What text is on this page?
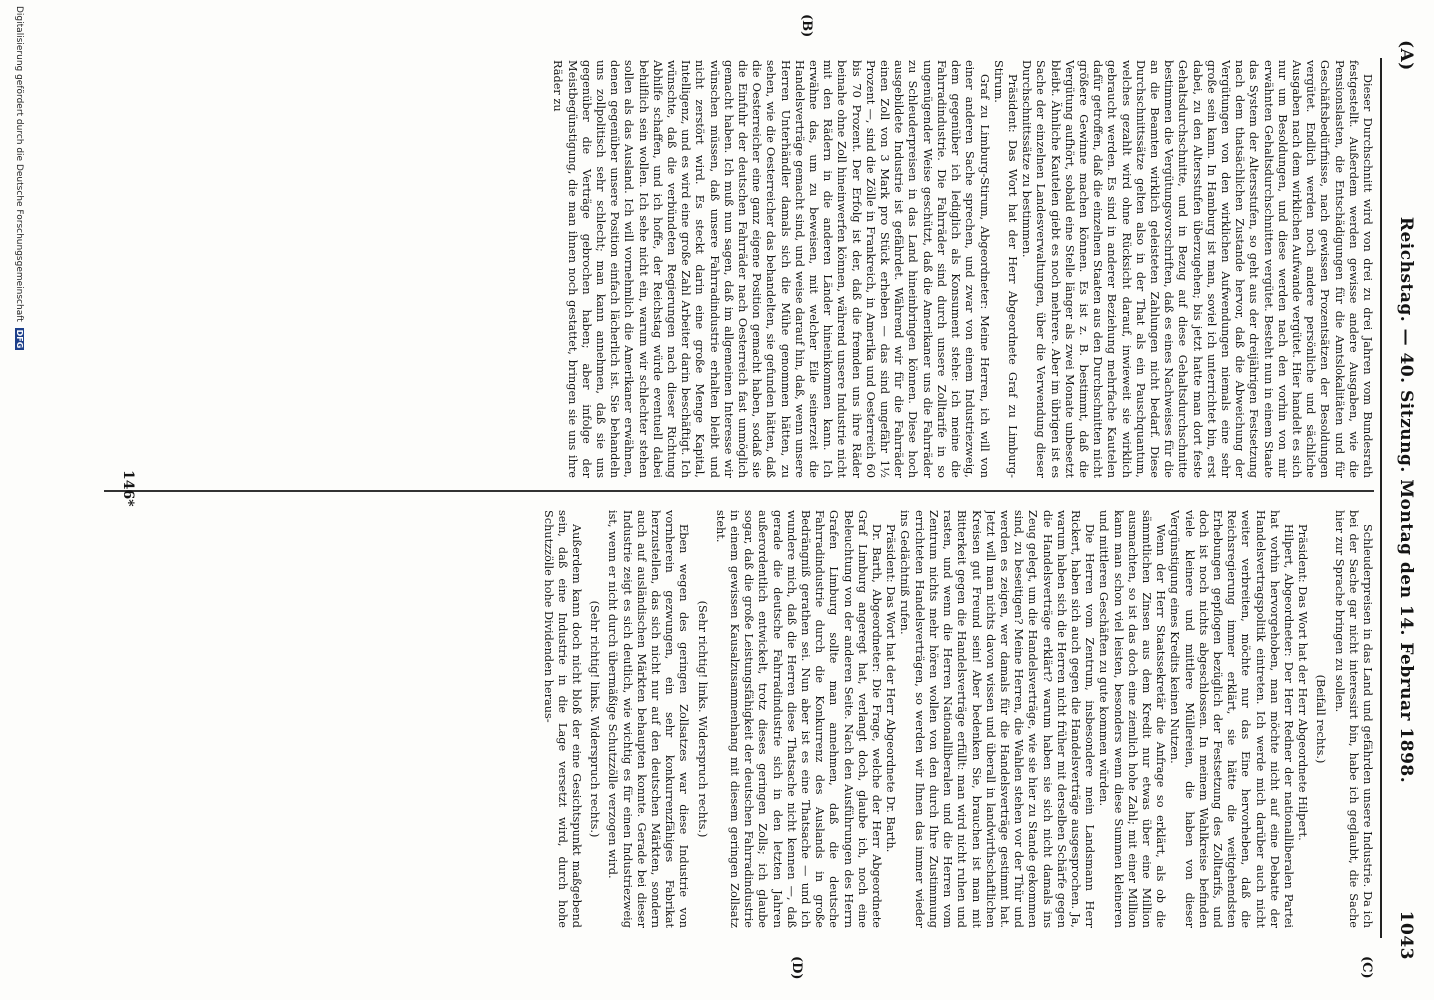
(A)
Reichstag. — 40. Sitzung. Montag den 14. Februar 1898.
1043
(B)
(C)
(D)

Dieser Durchschnitt wird von drei zu drei Jahren vom Bundesrath festgestellt. Außerdem werden gewisse andere Ausgaben, wie die Pensionslasten, die Entschädigungen für die Amtslokalitäten und für Geschäftsbedürfnisse, nach gewissen Prozentsätzen der Besoldungen vergütet. Endlich werden noch andere persönliche und sächliche Ausgaben nach dem wirklichen Aufwande vergütet. Hier handelt es sich nur um Besoldungen, und diese werden nach den vorhin von mir erwähnten Gehaltsdurchschnitten vergütet. Besteht nun in einem Staate das System der Altersstufen, so geht aus der dreijährigen Festsetzung nach dem thatsächlichen Zustande hervor, daß die Abweichung der Vergütungen von den wirklichen Aufwendungen niemals eine sehr große sein kann. In Hamburg ist man, soviel ich unterrichtet bin, erst dabei, zu den Altersstufen überzugehen; bis jetzt hatte man dort feste Gehaltsdurchschnitte, und in Bezug auf diese Gehaltsdurchschnitte bestimmen die Vergütungsvorschriften, daß es eines Nachweises für die an die Beamten wirklich geleisteten Zahlungen nicht bedarf. Diese Durchschnittssätze gelten also in der That als ein Pauschquantum, welches gezahlt wird ohne Rücksicht darauf, inwieweit sie wirklich gebraucht werden. Es sind in anderer Beziehung mehrfache Kautelen dafür getroffen, daß die einzelnen Staaten aus den Durchschnitten nicht größere Gewinne machen können. Es ist z. B. bestimmt, daß die Vergütung aufhört, sobald eine Stelle länger als zwei Monate unbesetzt bleibt. Ähnliche Kautelen giebt es noch mehrere. Aber im übrigen ist es Sache der einzelnen Landesverwaltungen, über die Verwendung dieser Durchschnittssätze zu bestimmen.

Präsident: Das Wort hat der Herr Abgeordnete Graf zu Limburg-Stirum.

Graf zu Limburg-Stirum, Abgeordneter: Meine Herren, ich will von einer anderen Sache sprechen, und zwar von einem Industriezweig, dem gegenüber ich lediglich als Konsument stehe: ich meine die Fahrradindustrie. Die Fahrräder sind durch unsere Zolltarife in so ungenügender Weise geschützt, daß die Amerikaner uns die Fahrräder zu Schleuderpreisen in das Land hineinbringen können. Diese hoch ausgebildete Industrie ist gefährdet. Während wir für die Fahrräder einen Zoll von 3 Mark pro Stück erheben — das sind ungefähr 1½ Prozent —, sind die Zölle in Frankreich, in Amerika und Oesterreich 60 bis 70 Prozent. Der Erfolg ist der, daß die fremden uns ihre Räder beinahe ohne Zoll hineinwerfen können, während unsere Industrie nicht mit den Rädern in die anderen Länder hineinkommen kann. Ich erwähne das, um zu beweisen, mit welcher Eile seinerzeit die Handelsverträge gemacht sind, und weise darauf hin, daß, wenn unsere Herren Unterhändler damals sich die Mühe genommen hätten, zu sehen, wie die Oesterreicher das behandelten, sie gefunden hätten, daß die Oesterreicher eine ganz eigene Position gemacht haben, sodaß sie die Einfuhr der deutschen Fahrräder nach Oesterreich fast unmöglich gemacht haben. Ich muß nun sagen, daß im allgemeinen Interesse wir wünschen müssen, daß unsere Fahrradindustrie erhalten bleibt und nicht zerstört wird. Es steckt darin eine große Menge Kapital, Intelligenz, und es wird eine große Zahl Arbeiter darin beschäftigt. Ich wünschte, daß die verbündeten Regierungen nach dieser Richtung Abhilfe schaffen, und ich hoffe, der Reichstag würde eventuell dabei behilflich sein wollen. Ich sehe nicht ein, warum wir schlechter stehen sollen als das Ausland. Ich will vornehmlich die Amerikaner erwähnen, denen gegenüber unsere Position einfach lächerlich ist. Sie behandeln uns zollpolitisch sehr schlecht; man kann annehmen, daß sie uns gegenüber die Verträge gebrochen haben; aber infolge der Meistbegünstigung, die man ihnen noch gestattet, bringen sie uns ihre Räder zu

Schleuderpreisen in das Land und gefährden unsere Industrie. Da ich bei der Sache gar nicht interessirt bin, habe ich geglaubt, die Sache hier zur Sprache bringen zu sollen.

(Beifall rechts.)

Präsident: Das Wort hat der Herr Abgeordnete Hilpert.

Hilpert, Abgeordneter: Der Herr Redner der nationalliberalen Partei hat vorhin hervorgehoben, man möchte nicht auf eine Debatte der Handelsvertragspolitik eintreten. Ich werde mich darüber auch nicht weiter verbreiten, möchte nur das Eine hervorheben, daß die Reichsregierung immer erklärt, sie hätte die weitgehendsten Erhebungen gepflogen bezüglich der Festsetzung des Zolltarifs, und doch ist noch nichts abgeschlossen. In meinem Wahlkreise befinden viele kleinere und mittlere Müllereien, die haben von dieser Vergünstigung eines Kredits keinen Nutzen.

Wenn der Herr Staatssekretär die Anfrage so erklärt, als ob die sämmtlichen Zinsen aus dem Kredit nur etwas über eine Million ausmachten, so ist das doch eine ziemlich hohe Zahl; mit einer Million kann man schon viel leisten, besonders wenn diese Summen kleineren und mittleren Geschäften zu gute kommen würden.

Die Herren vom Zentrum, insbesondere mein Landsmann Herr Rickert, haben sich auch gegen die Handelsverträge ausgesprochen. Ja, warum haben sich die Herren nicht früher mit derselben Schärfe gegen die Handelsverträge erklärt? warum haben sie sich nicht damals ins Zeug gelegt, um die Handelsverträge, wie sie hier zu Stande gekommen sind, zu beseitigen? Meine Herren, die Wahlen stehen vor der Thür und werden es zeigen, wer damals für die Handelsverträge gestimmt hat. Jetzt will man nichts davon wissen und überall in landwirthschaftlichen Kreisen gut Freund sein! Aber bedenken Sie, brauchen ist man mit Bitterkeit gegen die Handelsverträge erfüllt: man wird nicht ruhen und rasten, und wenn die Herren Nationalliberalen und die Herren vom Zentrum nichts mehr hören wollen von den durch Ihre Zustimmung errichteten Handelsverträgen, so werden wir Ihnen das immer wieder ins Gedächtniß rufen.

Präsident: Das Wort hat der Herr Abgeordnete Dr. Barth.

Dr. Barth, Abgeordneter: Die Frage, welche der Herr Abgeordnete Graf Limburg angeregt hat, verlangt doch, glaube ich, noch eine Beleuchtung von der anderen Seite. Nach den Ausführungen des Herrn Grafen Limburg sollte man annehmen, daß die deutsche Fahrradindustrie durch die Konkurrenz des Auslands in große Bedrängniß gerathen sei. Nun aber ist es eine Thatsache — und ich wundere mich, daß die Herren diese Thatsache nicht kennen —, daß gerade die deutsche Fahrradindustrie sich in den letzten Jahren außerordentlich entwickelt, trotz dieses geringen Zolls; ich glaube sogar, daß die große Leistungsfähigkeit der deutschen Fahrradindustrie in einem gewissen Kausalzusammenhang mit diesem geringen Zollsatz steht.

(Sehr richtig! links. Widerspruch rechts.)

Eben wegen des geringen Zollsatzes war diese Industrie von vornherein gezwungen, ein sehr konkurrenzfähiges Fabrikat herzustellen, das sich nicht nur auf den deutschen Märkten, sondern auch auf ausländischen Märkten behaupten konnte. Gerade bei dieser Industrie zeigt es sich deutlich, wie wichtig es für einen Industriezweig ist, wenn er nicht durch übermäßige Schutzzölle verzogen wird.

(Sehr richtig! links. Widerspruch rechts.)

Außerdem kann doch nicht bloß der eine Gesichtspunkt maßgebend sein, daß eine Industrie in die Lage versetzt wird, durch hohe Schutzzölle hohe Dividenden heraus-

146*
Digitalisierung gefördert durch die Deutsche Forschungsgemeinschaft DFG
